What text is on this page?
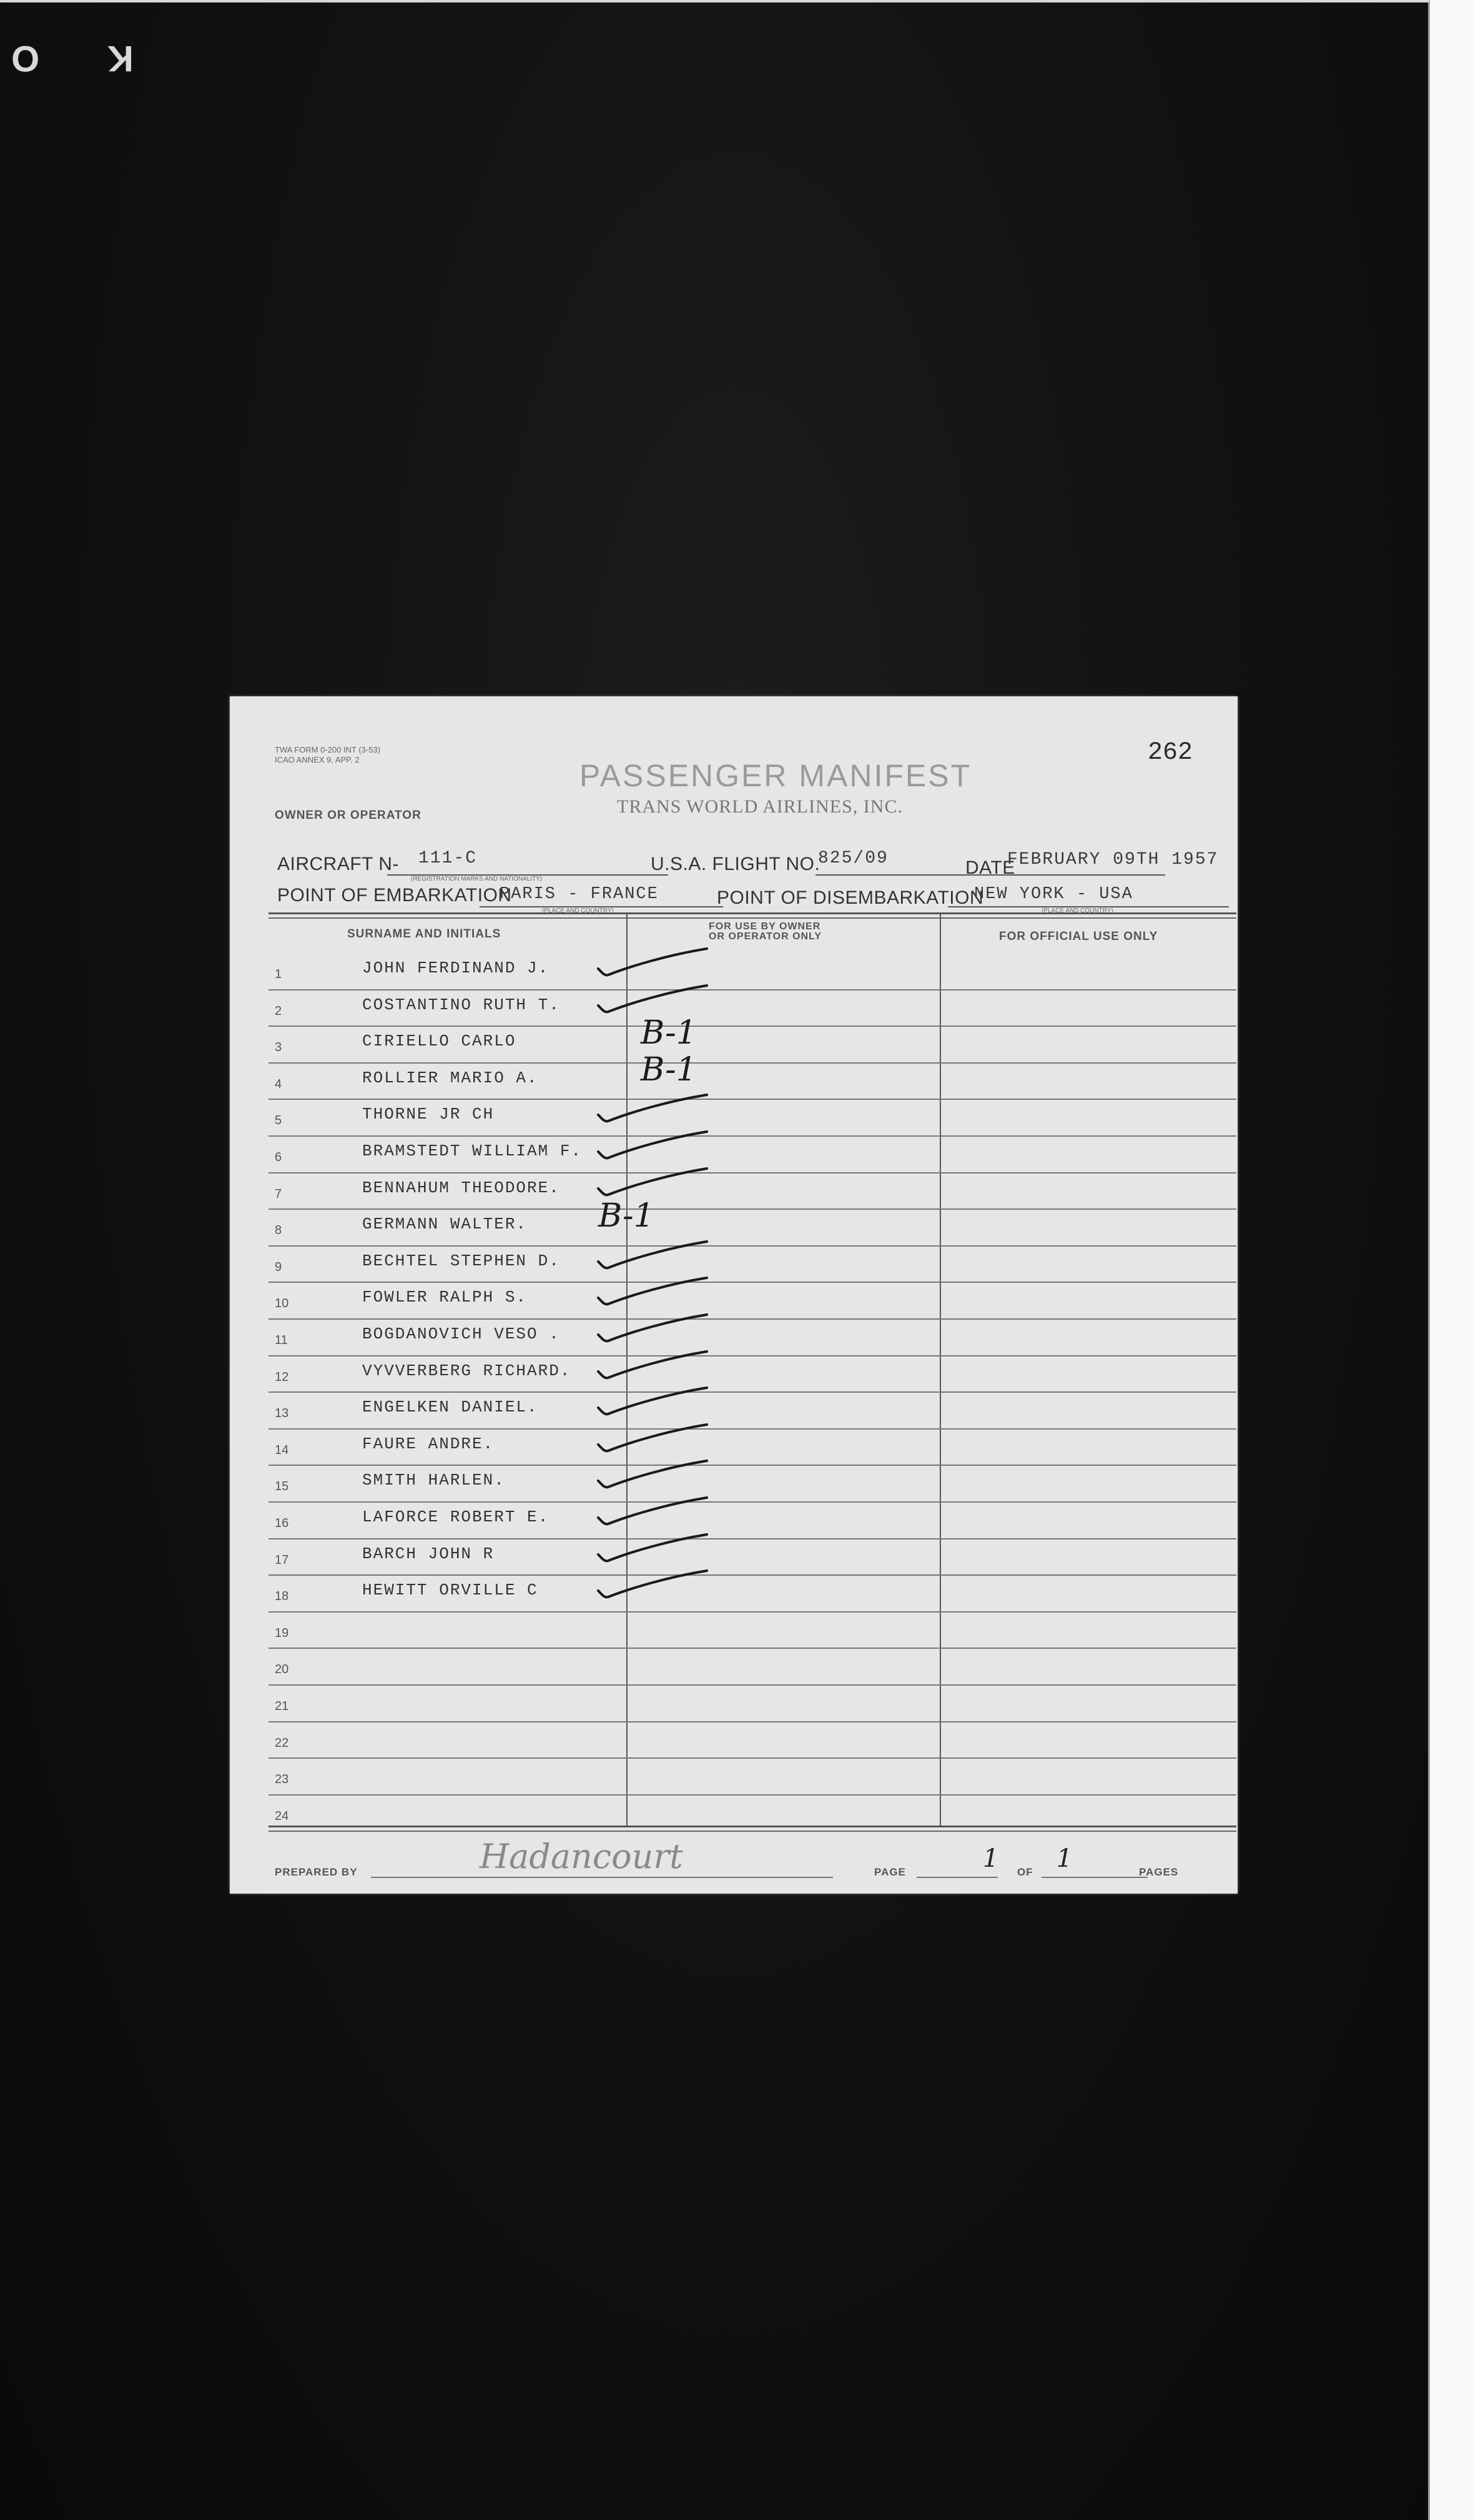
O K
TWA FORM 0-200 INT (3-53)
ICAO ANNEX 9, APP. 2	262
PASSENGER MANIFEST
TRANS WORLD AIRLINES, INC.
OWNER OR OPERATOR
AIRCRAFT N- 111-C
(REGISTRATION MARKS AND NATIONALITY)
U.S.A. FLIGHT NO.
825/09	DATE
FEBRUARY 09TH 1957
POINT OF EMBARKATION
PARIS - FRANCE
(PLACE AND COUNTRY)
POINT OF DISEMBARKATION
NEW YORK - USA
(PLACE AND COUNTRY)
SURNAME AND INITIALS
FOR USE BY OWNER
OR OPERATOR ONLY	FOR OFFICIAL USE ONLY
1	JOHN FERDINAND J.
2	COSTANTINO RUTH T.
3	CIRIELLO CARLO	B-1
4	ROLLIER MARIO A.	B-1
5	THORNE JR CH
6	BRAMSTEDT WILLIAM F.
7	BENNAHUM THEODORE.
8	GERMANN WALTER. B-1
9	BECHTEL STEPHEN D.
10	FOWLER RALPH S.
11	BOGDANOVICH VESO .
12	VYVVERBERG RICHARD.
13	ENGELKEN DANIEL.
14	FAURE ANDRE.
15	SMITH HARLEN.
16	LAFORCE ROBERT E.
17	BARCH JOHN R
18	HEWITT ORVILLE C
19
20
21
22
23
24
PREPARED BY	Hadancourt	PAGE	1 OF 1	PAGES
